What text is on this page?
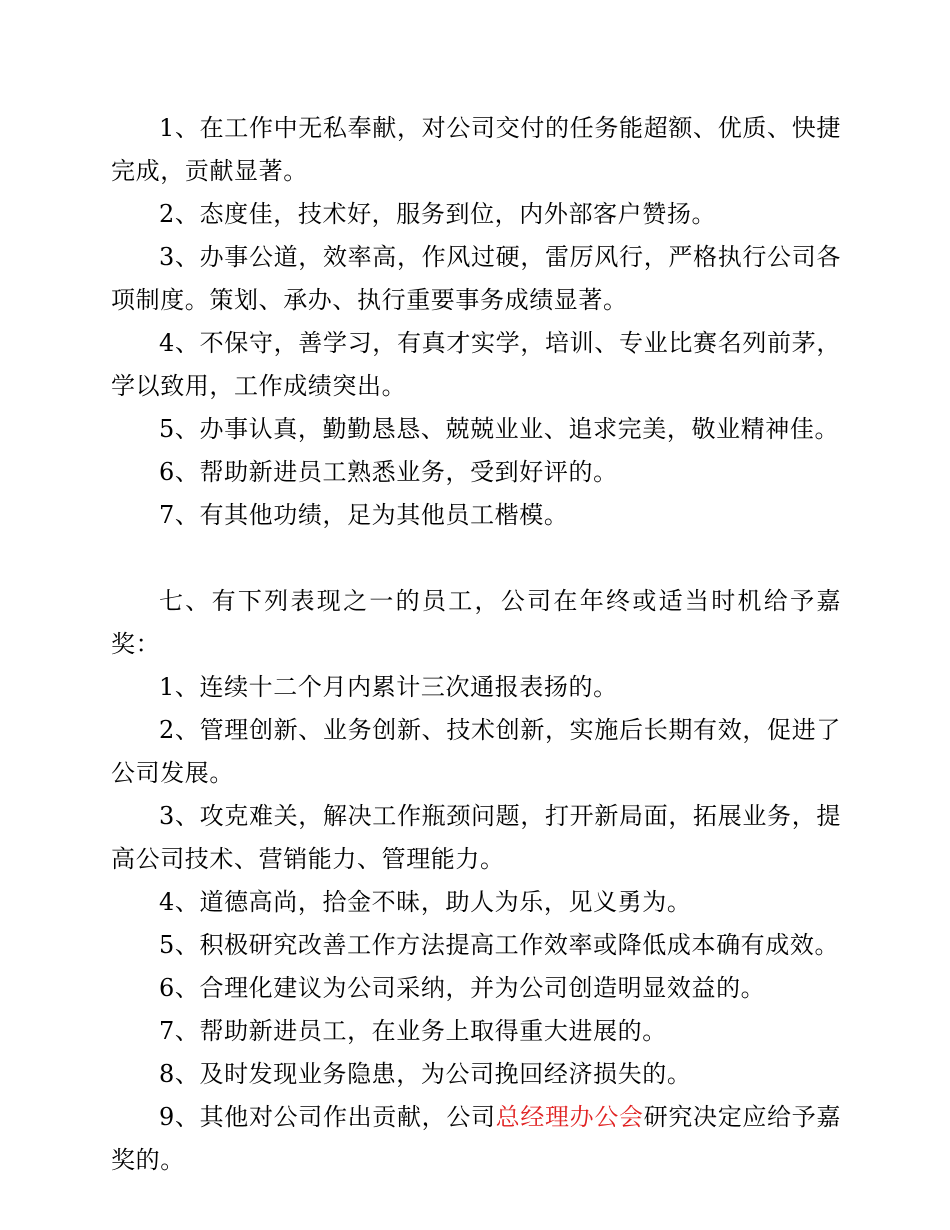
1、在工作中无私奉献，对公司交付的任务能超额、优质、快捷完成，贡献显著。

2、态度佳，技术好，服务到位，内外部客户赞扬。

3、办事公道，效率高，作风过硬，雷厉风行，严格执行公司各项制度。策划、承办、执行重要事务成绩显著。

4、不保守，善学习，有真才实学，培训、专业比赛名列前茅，学以致用，工作成绩突出。

5、办事认真，勤勤恳恳、兢兢业业、追求完美，敬业精神佳。

6、帮助新进员工熟悉业务，受到好评的。

7、有其他功绩，足为其他员工楷模。

七、有下列表现之一的员工，公司在年终或适当时机给予嘉奖：

1、连续十二个月内累计三次通报表扬的。

2、管理创新、业务创新、技术创新，实施后长期有效，促进了公司发展。

3、攻克难关，解决工作瓶颈问题，打开新局面，拓展业务，提高公司技术、营销能力、管理能力。

4、道德高尚，拾金不昧，助人为乐，见义勇为。

5、积极研究改善工作方法提高工作效率或降低成本确有成效。

6、合理化建议为公司采纳，并为公司创造明显效益的。

7、帮助新进员工，在业务上取得重大进展的。

8、及时发现业务隐患，为公司挽回经济损失的。

9、其他对公司作出贡献，公司总经理办公会研究决定应给予嘉奖的。
